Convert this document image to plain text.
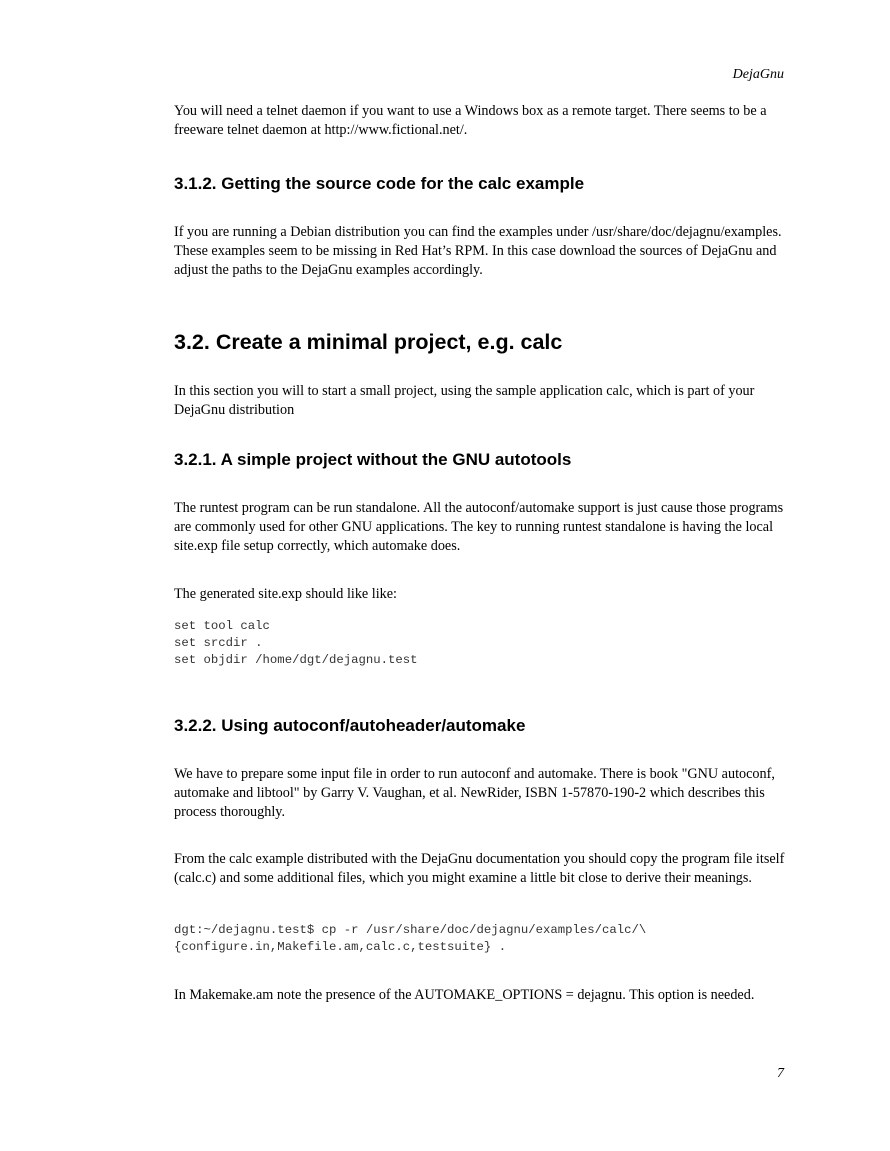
DejaGnu

You will need a telnet daemon if you want to use a Windows box as a remote target. There seems to be a freeware telnet daemon at http://www.fictional.net/.

3.1.2. Getting the source code for the calc example

If you are running a Debian distribution you can find the examples under /usr/share/doc/dejagnu/examples. These examples seem to be missing in Red Hat’s RPM. In this case download the sources of DejaGnu and adjust the paths to the DejaGnu examples accordingly.

3.2. Create a minimal project, e.g. calc

In this section you will to start a small project, using the sample application calc, which is part of your DejaGnu distribution

3.2.1. A simple project without the GNU autotools

The runtest program can be run standalone. All the autoconf/automake support is just cause those programs are commonly used for other GNU applications. The key to running runtest standalone is having the local site.exp file setup correctly, which automake does.

The generated site.exp should like like:

set tool calc
set srcdir .
set objdir /home/dgt/dejagnu.test
3.2.2. Using autoconf/autoheader/automake

We have to prepare some input file in order to run autoconf and automake. There is book "GNU autoconf, automake and libtool" by Garry V. Vaughan, et al. NewRider, ISBN 1-57870-190-2 which describes this process thoroughly.

From the calc example distributed with the DejaGnu documentation you should copy the program file itself (calc.c) and some additional files, which you might examine a little bit close to derive their meanings.

dgt:~/dejagnu.test$ cp -r /usr/share/doc/dejagnu/examples/calc/\
{configure.in,Makefile.am,calc.c,testsuite} .

In Makemake.am note the presence of the AUTOMAKE_OPTIONS = dejagnu. This option is needed.

7
